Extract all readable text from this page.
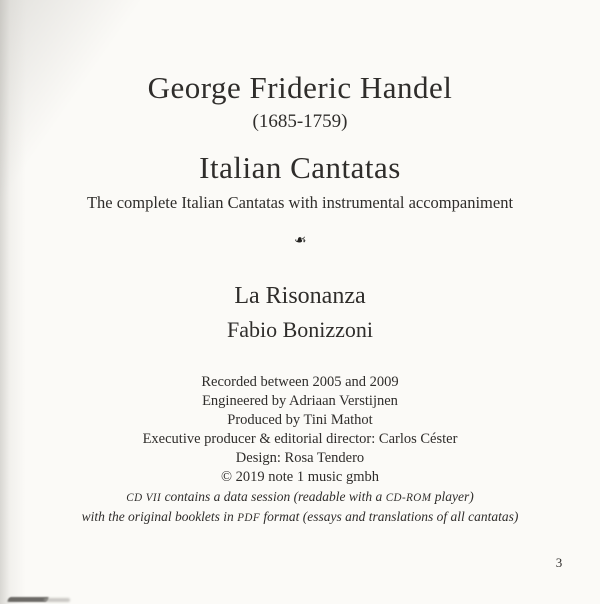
George Frideric Handel
(1685-1759)
Italian Cantatas
The complete Italian Cantatas with instrumental accompaniment
❧
La Risonanza
Fabio Bonizzoni
Recorded between 2005 and 2009
Engineered by Adriaan Verstijnen
Produced by Tini Mathot
Executive producer & editorial director: Carlos Céster
Design: Rosa Tendero
© 2019 note 1 music gmbh
CD VII contains a data session (readable with a CD-ROM player)
with the original booklets in PDF format (essays and translations of all cantatas)
3
